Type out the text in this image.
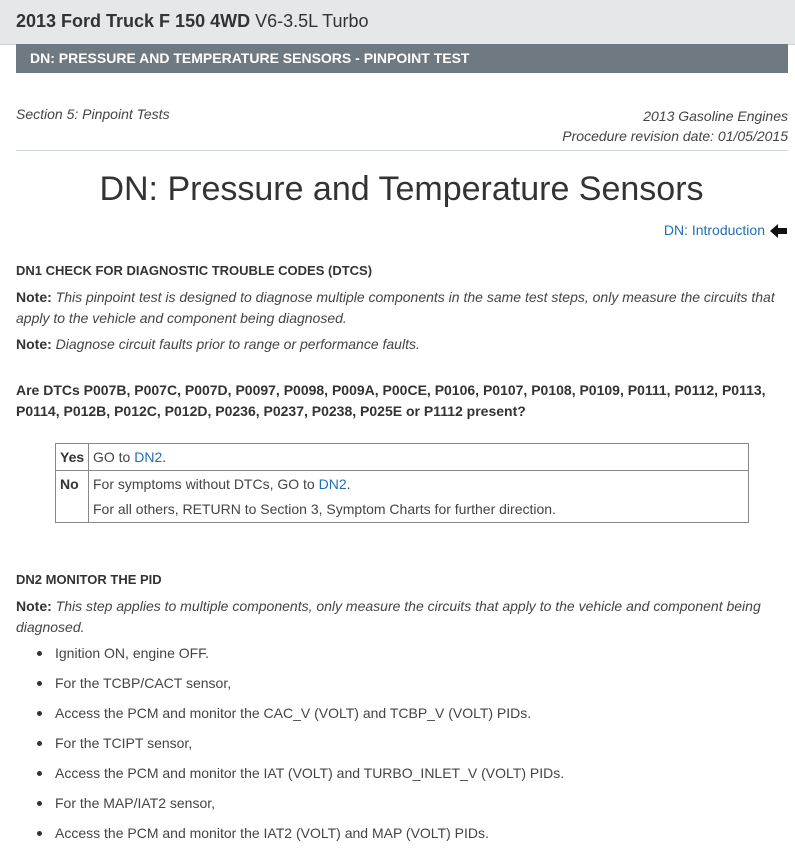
2013 Ford Truck F 150 4WD V6-3.5L Turbo
DN: PRESSURE AND TEMPERATURE SENSORS - PINPOINT TEST
Section 5: Pinpoint Tests	2013 Gasoline Engines
Procedure revision date: 01/05/2015
DN: Pressure and Temperature Sensors
DN: Introduction
DN1 CHECK FOR DIAGNOSTIC TROUBLE CODES (DTCS)
Note: This pinpoint test is designed to diagnose multiple components in the same test steps, only measure the circuits that apply to the vehicle and component being diagnosed.
Note: Diagnose circuit faults prior to range or performance faults.
Are DTCs P007B, P007C, P007D, P0097, P0098, P009A, P00CE, P0106, P0107, P0108, P0109, P0111, P0112, P0113, P0114, P012B, P012C, P012D, P0236, P0237, P0238, P025E or P1112 present?
Yes	GO to DN2.
No	For symptoms without DTCs, GO to DN2.
For all others, RETURN to Section 3, Symptom Charts for further direction.
DN2 MONITOR THE PID
Note: This step applies to multiple components, only measure the circuits that apply to the vehicle and component being diagnosed.
Ignition ON, engine OFF.
For the TCBP/CACT sensor,
Access the PCM and monitor the CAC_V (VOLT) and TCBP_V (VOLT) PIDs.
For the TCIPT sensor,
Access the PCM and monitor the IAT (VOLT) and TURBO_INLET_V (VOLT) PIDs.
For the MAP/IAT2 sensor,
Access the PCM and monitor the IAT2 (VOLT) and MAP (VOLT) PIDs.
